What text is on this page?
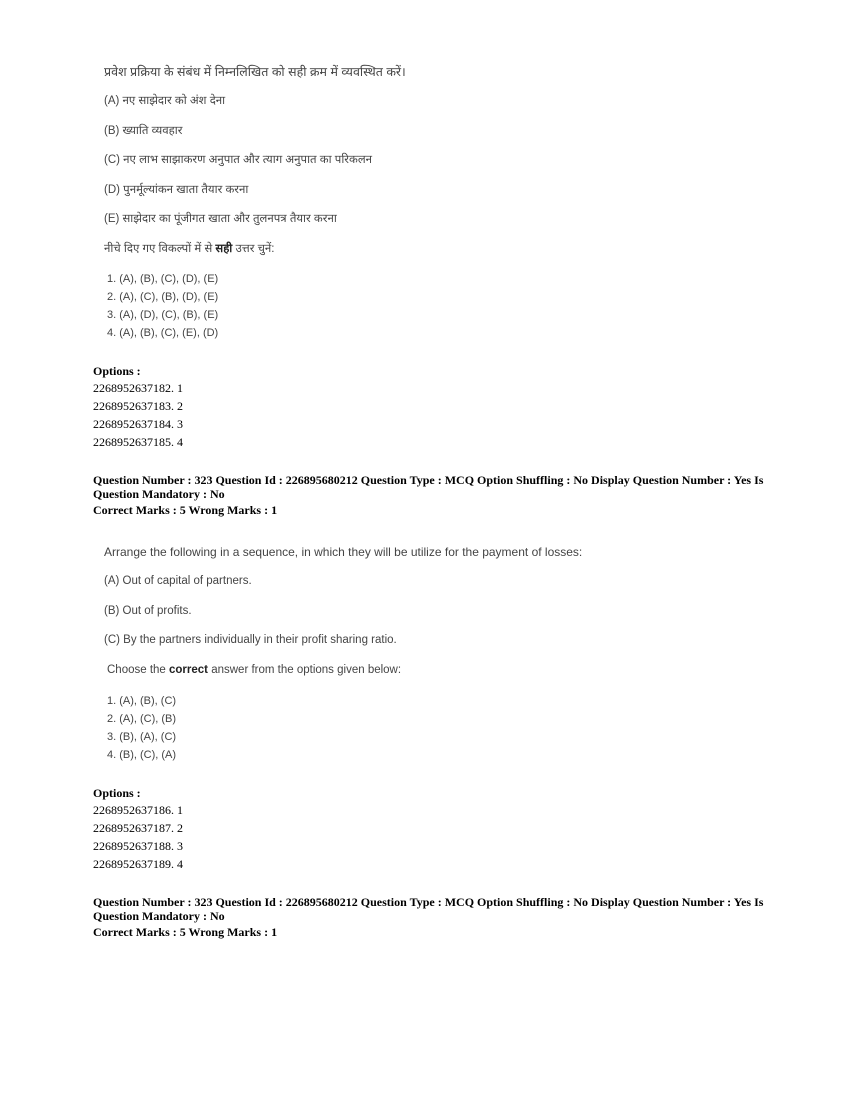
प्रवेश प्रक्रिया के संबंध में निम्नलिखित को सही क्रम में व्यवस्थित करें।
(A) नए साझेदार को अंश देना
(B) ख्याति व्यवहार
(C) नए लाभ साझाकरण अनुपात और त्याग अनुपात का परिकलन
(D) पुनर्मूल्यांकन खाता तैयार करना
(E) साझेदार का पूंजीगत खाता और तुलनपत्र तैयार करना
नीचे दिए गए विकल्पों में से सही उत्तर चुनें:
1. (A), (B), (C), (D), (E)
2. (A), (C), (B), (D), (E)
3. (A), (D), (C), (B), (E)
4. (A), (B), (C), (E), (D)
Options :
2268952637182. 1
2268952637183. 2
2268952637184. 3
2268952637185. 4
Question Number : 323 Question Id : 226895680212 Question Type : MCQ Option Shuffling : No Display Question Number : Yes Is
Question Mandatory : No
Correct Marks : 5 Wrong Marks : 1
Arrange the following in a sequence, in which they will be utilize for the payment of losses:
(A) Out of capital of partners.
(B) Out of profits.
(C) By the partners individually in their profit sharing ratio.
Choose the correct answer from the options given below:
1. (A), (B), (C)
2. (A), (C), (B)
3. (B), (A), (C)
4. (B), (C), (A)
Options :
2268952637186. 1
2268952637187. 2
2268952637188. 3
2268952637189. 4
Question Number : 323 Question Id : 226895680212 Question Type : MCQ Option Shuffling : No Display Question Number : Yes Is
Question Mandatory : No
Correct Marks : 5 Wrong Marks : 1
